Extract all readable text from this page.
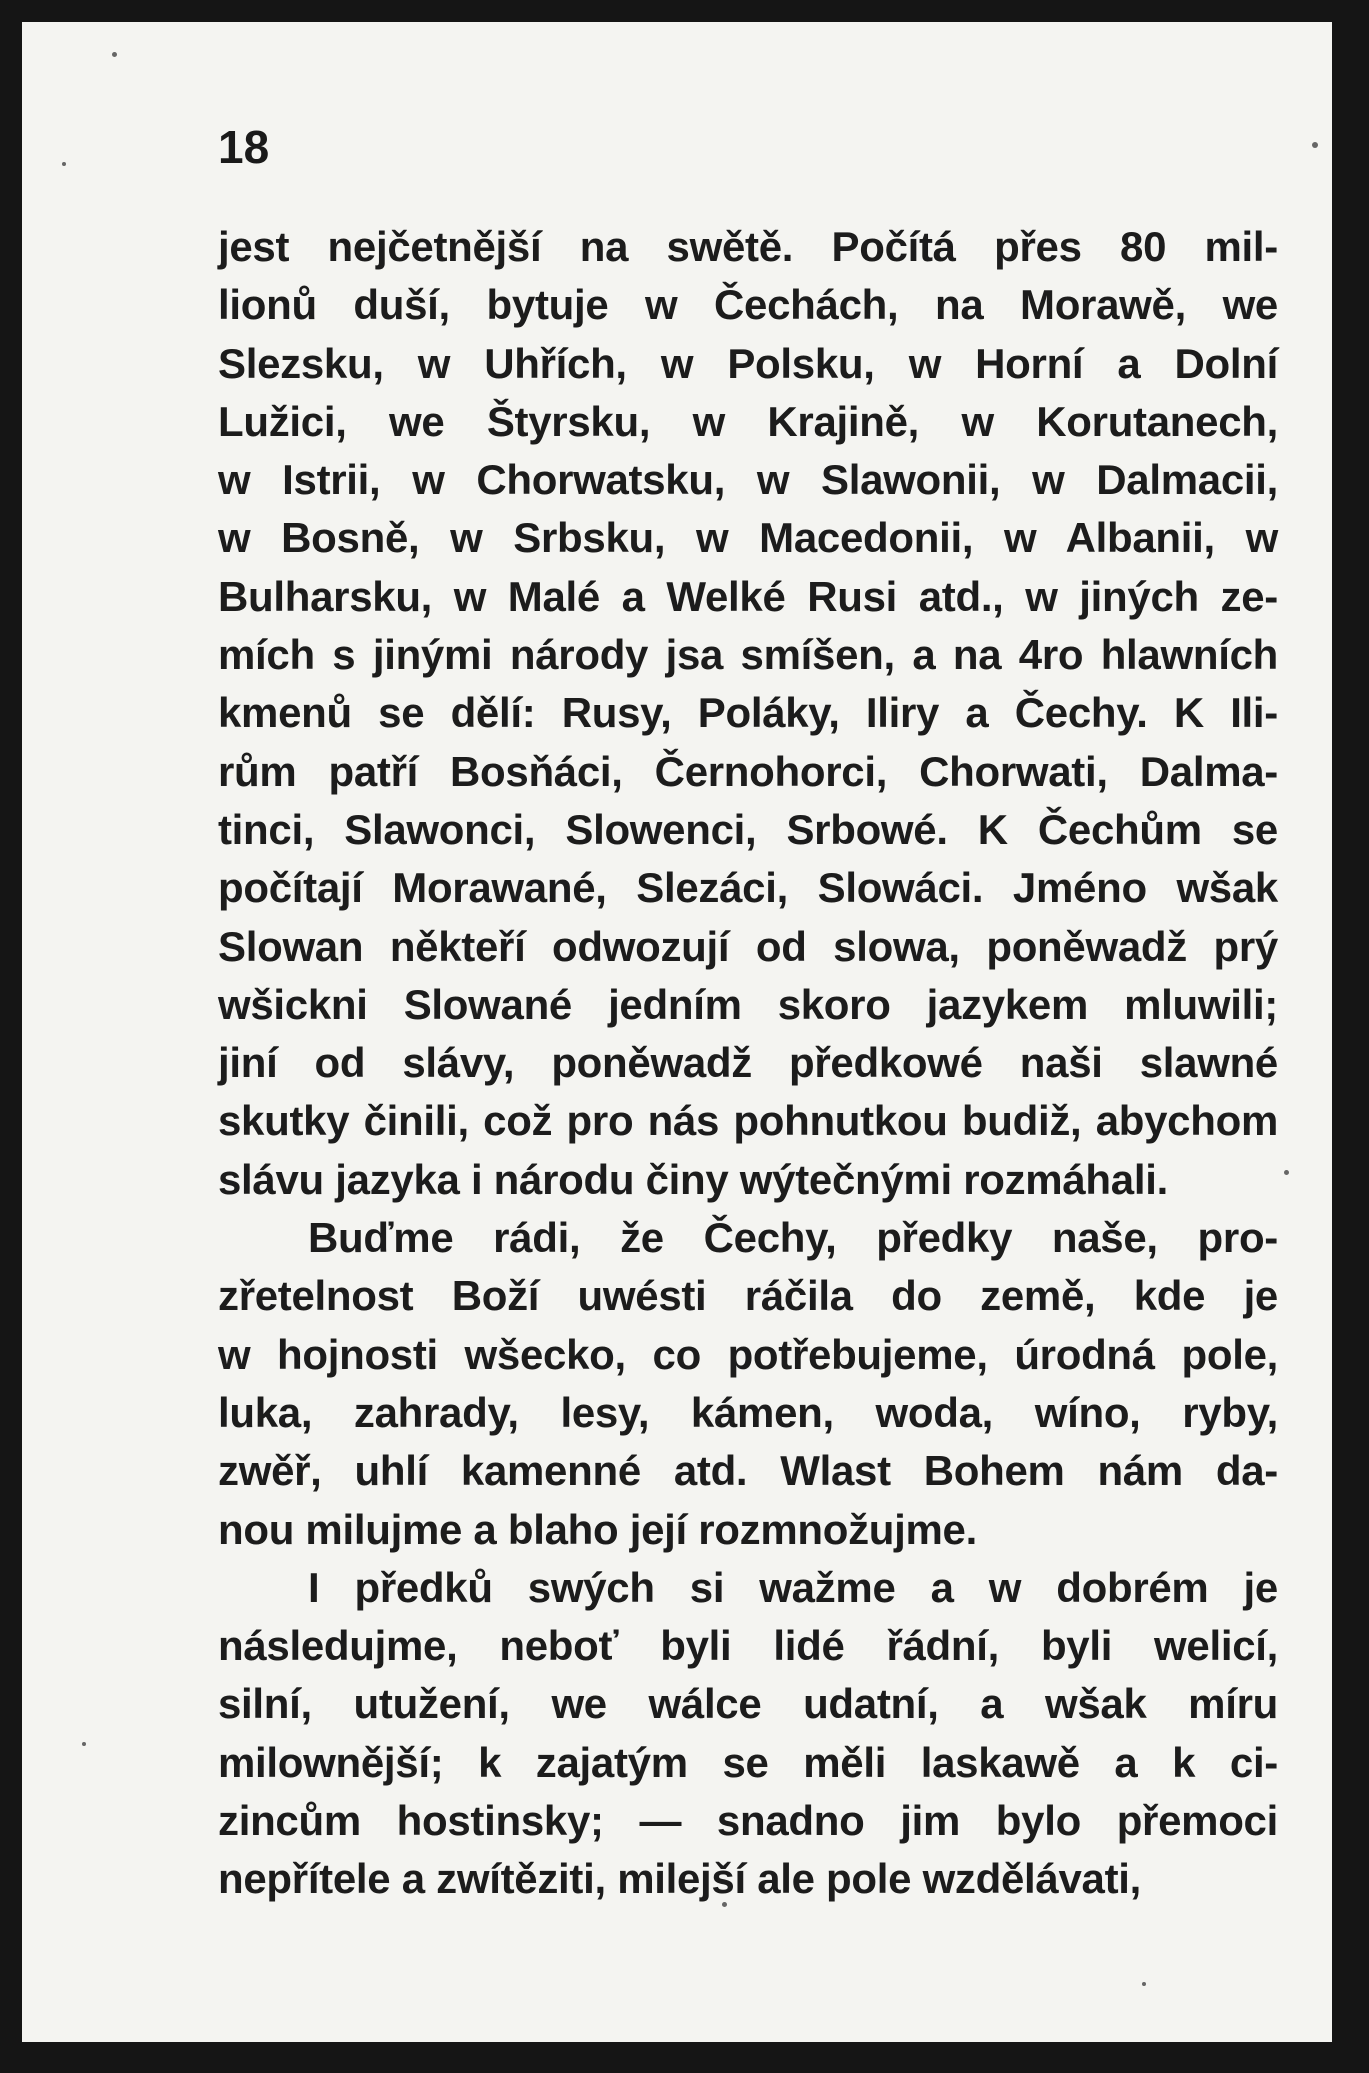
18

jest nejčetnější na swětě. Počítá přes 80 mil-
lionů duší, bytuje w Čechách, na Morawě, we
Slezsku, w Uhřích, w Polsku, w Horní a Dolní
Lužici, we Štyrsku, w Krajině, w Korutanech,
w Istrii, w Chorwatsku, w Slawonii, w Dalmacii,
w Bosně, w Srbsku, w Macedonii, w Albanii, w
Bulharsku, w Malé a Welké Rusi atd., w jiných ze-
mích s jinými národy jsa smíšen, a na 4ro hlawních
kmenů se dělí: Rusy, Poláky, Iliry a Čechy. K Ili-
rům patří Bosňáci, Černohorci, Chorwati, Dalma-
tinci, Slawonci, Slowenci, Srbowé. K Čechům se
počítají Morawané, Slezáci, Slowáci. Jméno wšak
Slowan někteří odwozují od slowa, poněwadž prý
wšickni Slowané jedním skoro jazykem mluwili;
jiní od slávy, poněwadž předkowé naši slawné
skutky činili, což pro nás pohnutkou budiž, abychom
slávu jazyka i národu činy wýtečnými rozmáhali.

Buďme rádi, že Čechy, předky naše, pro-
zřetelnost Boží uwésti ráčila do země, kde je
w hojnosti wšecko, co potřebujeme, úrodná pole,
luka, zahrady, lesy, kámen, woda, wíno, ryby,
zwěř, uhlí kamenné atd. Wlast Bohem nám da-
nou milujme a blaho její rozmnožujme.

I předků swých si wažme a w dobrém je
následujme, neboť byli lidé řádní, byli welicí,
silní, utužení, we wálce udatní, a wšak míru
milownější; k zajatým se měli laskawě a k ci-
zincům hostinsky; — snadno jim bylo přemoci
nepřítele a zwítěziti, milejší ale pole wzdělávati,
